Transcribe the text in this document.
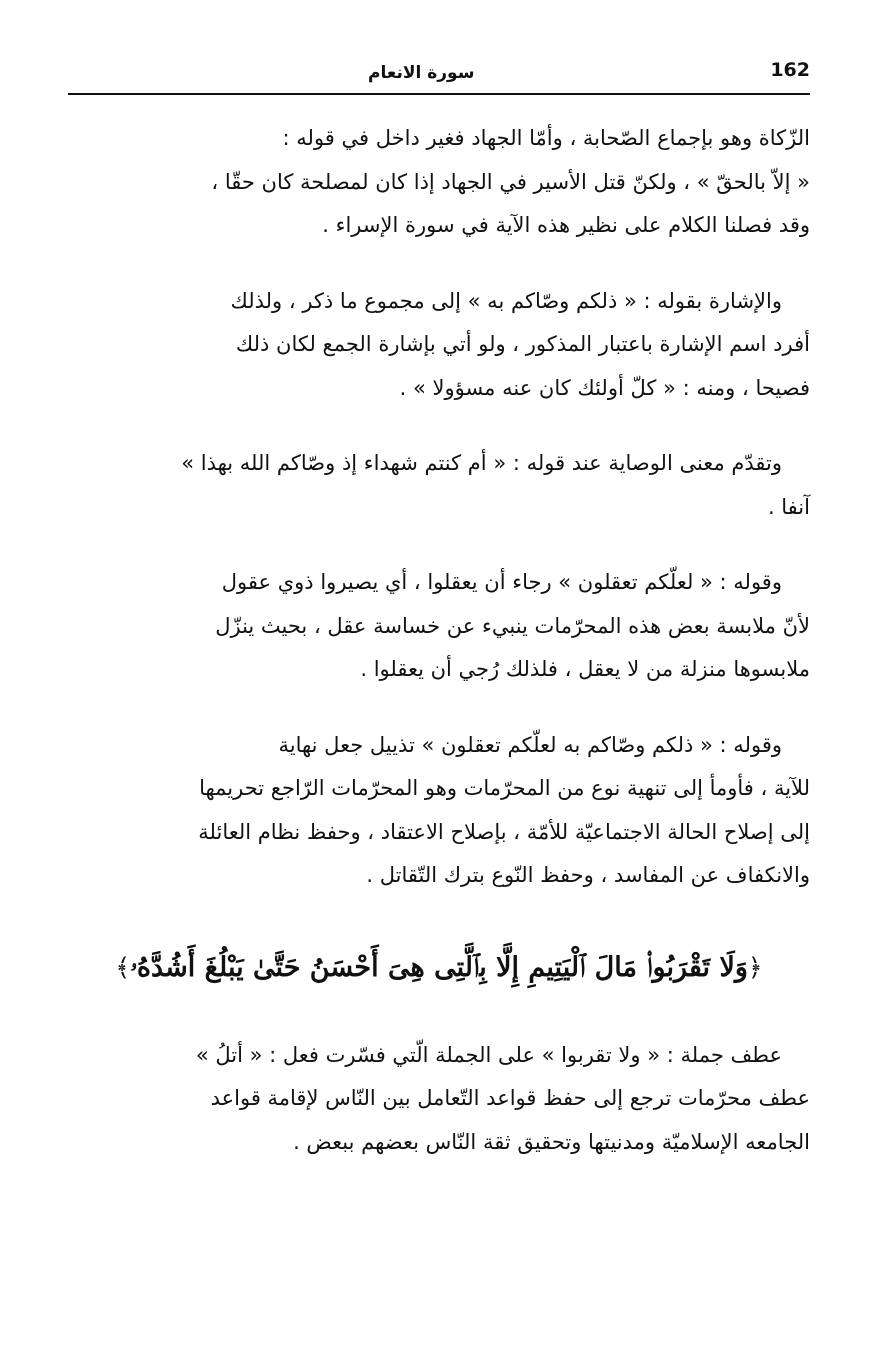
162
سورة الانعام

الزّكاة وهو بإجماع الصّحابة ، وأمّا الجهاد فغير داخل في قوله :

« إلاّ بالحقّ » ، ولكنّ قتل الأسير في الجهاد إذا كان لمصلحة كان حقّا ،

وقد فصلنا الكلام على نظير هذه الآية في سورة الإسراء .

والإشارة بقوله : « ذلكم وصّاكم به » إلى مجموع ما ذكر ، ولذلك

أفرد اسم الإشارة باعتبار المذكور ، ولو أتي بإشارة الجمع لكان ذلك

فصيحا ، ومنه : « كلّ أولئك كان عنه مسؤولا » .

وتقدّم معنى الوصاية عند قوله : « أم كنتم شهداء إذ وصّاكم الله بهذا »

آنفا .

وقوله : « لعلّكم تعقلون » رجاء أن يعقلوا ، أي يصيروا ذوي عقول

لأنّ ملابسة بعض هذه المحرّمات ينبيء عن خساسة عقل ، بحيث ينزّل

ملابسوها منزلة من لا يعقل ، فلذلك رُجي أن يعقلوا .

وقوله : « ذلكم وصّاكم به لعلّكم تعقلون » تذييل جعل نهاية

للآية ، فأومأ إلى تنهية نوع من المحرّمات وهو المحرّمات الرّاجع تحريمها

إلى إصلاح الحالة الاجتماعيّة للأمّة ، بإصلاح الاعتقاد ، وحفظ نظام العائلة

والانكفاف عن المفاسد ، وحفظ النّوع بترك التّقاتل .

﴿وَلَا تَقْرَبُوا۟ مَالَ ٱلْيَتِيمِ إِلَّا بِٱلَّتِى هِىَ أَحْسَنُ حَتَّىٰ يَبْلُغَ أَشُدَّهُۥ﴾

عطف جملة : « ولا تقربوا » على الجملة الّتي فسّرت فعل : « أتلُ »

عطف محرّمات ترجع إلى حفظ قواعد التّعامل بين النّاس لإقامة قواعد

الجامعه الإسلاميّة ومدنيتها وتحقيق ثقة النّاس بعضهم ببعض .
